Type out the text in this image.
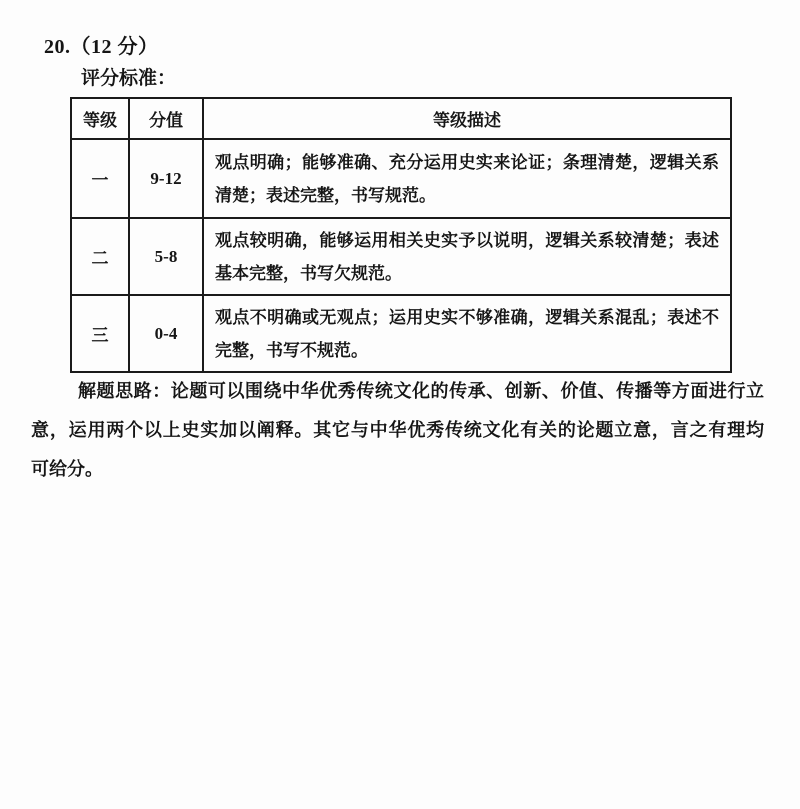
20.（12 分）
评分标准：
等级	分值	等级描述
一	9-12	观点明确；能够准确、充分运用史实来论证；条理清楚，逻辑关系清楚；表述完整，书写规范。
二	5-8	观点较明确，能够运用相关史实予以说明，逻辑关系较清楚；表述基本完整，书写欠规范。
三	0-4	观点不明确或无观点；运用史实不够准确，逻辑关系混乱；表述不完整，书写不规范。
解题思路：论题可以围绕中华优秀传统文化的传承、创新、价值、传播等方面进行立
意，运用两个以上史实加以阐释。其它与中华优秀传统文化有关的论题立意，言之有理均
可给分。
